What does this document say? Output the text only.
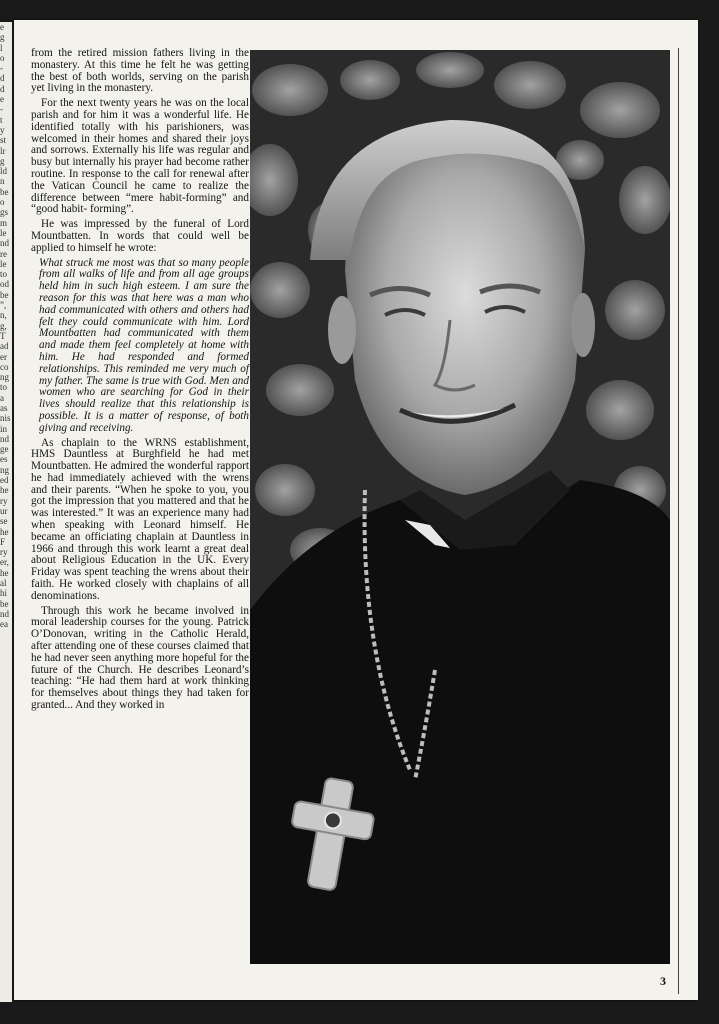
e
g
l
o
-
d
d
e
-
t
y
st
lr
g
ld
n
be
o
gs
m
le
nd
re
le
to
od
be
”,
n,
g,
T
ad
er
co
ng
to
a
as
nis
in
nd
ge
es
ng
ed
he
ry
ur
se
he
F
ry
er,
he
al
hi
be
nd
ea

from the retired mission fathers living in the monastery. At this time he felt he was getting the best of both worlds, serving on the parish yet living in the monastery.

For the next twenty years he was on the local parish and for him it was a wonderful life. He identified totally with his parishioners, was welcomed in their homes and shared their joys and sorrows. Externally his life was regular and busy but internally his prayer had become rather routine. In response to the call for renewal after the Vatican Council he came to realize the difference between “mere habit-forming” and “good habit- forming”.

He was impressed by the funeral of Lord Mountbatten. In words that could well be applied to himself he wrote:

What struck me most was that so many people from all walks of life and from all age groups held him in such high esteem. I am sure the reason for this was that here was a man who had communicated with others and others had felt they could communicate with him. Lord Mountbatten had communicated with them and made them feel completely at home with him. He had responded and formed relationships. This reminded me very much of my father. The same is true with God. Men and women who are searching for God in their lives should realize that this relationship is possible. It is a matter of response, of both giving and receiving.

As chaplain to the WRNS establishment, HMS Dauntless at Burghfield he had met Mountbatten. He admired the wonderful rapport he had immediately achieved with the wrens and their parents. “When he spoke to you, you got the impression that you mattered and that he was interested.” It was an experience many had when speaking with Leonard himself. He became an officiating chaplain at Dauntless in 1966 and through this work learnt a great deal about Religious Education in the UK. Every Friday was spent teaching the wrens about their faith. He worked closely with chaplains of all denominations.

Through this work he became involved in moral leadership courses for the young. Patrick O’Donovan, writing in the Catholic Herald, after attending one of these courses claimed that he had never seen anything more hopeful for the future of the Church. He describes Leonard’s teaching: “He had them hard at work thinking for themselves about things they had taken for granted... And they worked in

3
